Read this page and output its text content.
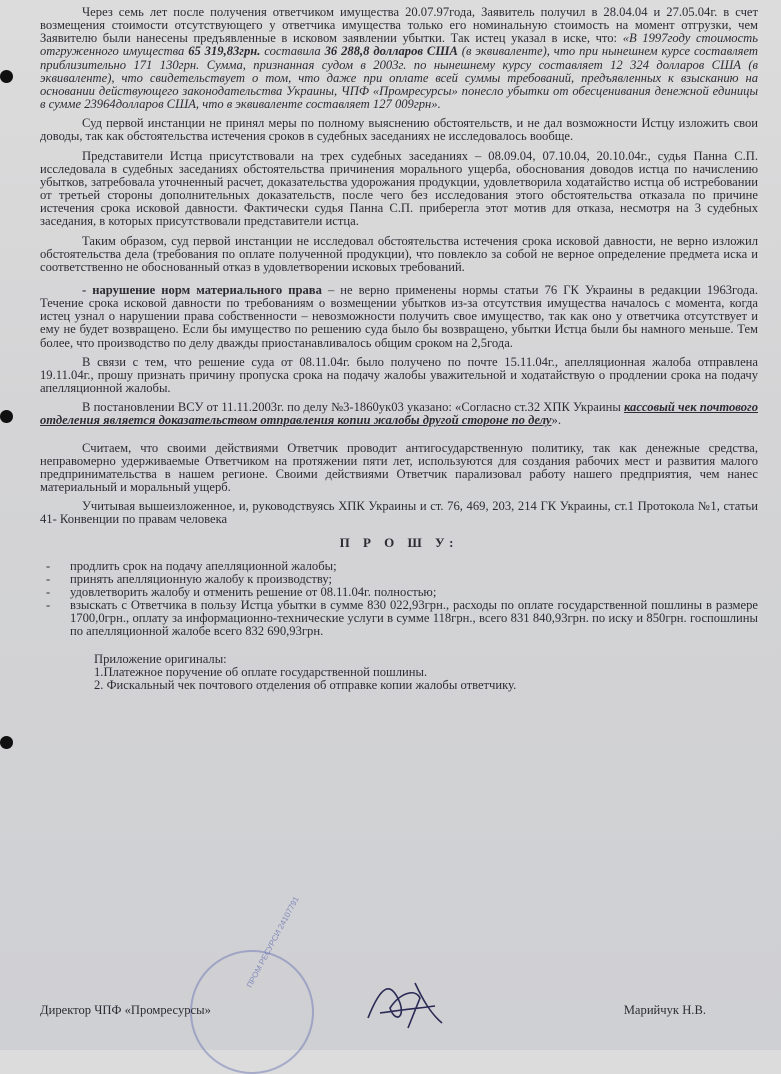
Через семь лет после получения ответчиком имущества 20.07.97года, Заявитель получил в 28.04.04 и 27.05.04г. в счет возмещения стоимости отсутствующего у ответчика имущества только его номинальную стоимость на момент отгрузки, чем Заявителю были нанесены предъявленные в исковом заявлении убытки. Так истец указал в иске, что: «В 1997году стоимость отгруженного имущества 65 319,83грн. составила 36 288,8 долларов США (в эквиваленте), что при нынешнем курсе составляет приблизительно 171 130грн. Сумма, признанная судом в 2003г. по нынешнему курсу составляет 12 324 долларов США (в эквиваленте), что свидетельствует о том, что даже при оплате всей суммы требований, предъявленных к взысканию на основании действующего законодательства Украины, ЧПФ «Промресурсы» понесло убытки от обесценивания денежной единицы в сумме 23964долларов США, что в эквиваленте составляет 127 009грн».

Суд первой инстанции не принял меры по полному выяснению обстоятельств, и не дал возможности Истцу изложить свои доводы, так как обстоятельства истечения сроков в судебных заседаниях не исследовалось вообще.

Представители Истца присутствовали на трех судебных заседаниях – 08.09.04, 07.10.04, 20.10.04г., судья Панна С.П. исследовала в судебных заседаниях обстоятельства причинения морального ущерба, обоснования доводов истца по начислению убытков, затребовала уточненный расчет, доказательства удорожания продукции, удовлетворила ходатайство истца об истребовании от третьей стороны дополнительных доказательств, после чего без исследования этого обстоятельства отказала по причине истечения срока исковой давности. Фактически судья Панна С.П. приберегла этот мотив для отказа, несмотря на 3 судебных заседания, в которых присутствовали представители истца.

Таким образом, суд первой инстанции не исследовал обстоятельства истечения срока исковой давности, не верно изложил обстоятельства дела (требования по оплате полученной продукции), что повлекло за собой не верное определение предмета иска и соответственно не обоснованный отказ в удовлетворении исковых требований.

- нарушение норм материального права – не верно применены нормы статьи 76 ГК Украины в редакции 1963года. Течение срока исковой давности по требованиям о возмещении убытков из-за отсутствия имущества началось с момента, когда истец узнал о нарушении права собственности – невозможности получить свое имущество, так как оно у ответчика отсутствует и ему не будет возвращено. Если бы имущество по решению суда было бы возвращено, убытки Истца были бы намного меньше. Тем более, что производство по делу дважды приостанавливалось общим сроком на 2,5года.

В связи с тем, что решение суда от 08.11.04г. было получено по почте 15.11.04г., апелляционная жалоба отправлена 19.11.04г., прошу признать причину пропуска срока на подачу жалобы уважительной и ходатайствую о продлении срока на подачу апелляционной жалобы.

В постановлении ВСУ от 11.11.2003г. по делу №3-1860ук03 указано: «Согласно ст.32 ХПК Украины кассовый чек почтового отделения является доказательством отправления копии жалобы другой стороне по делу».

Считаем, что своими действиями Ответчик проводит антигосударственную политику, так как денежные средства, неправомерно удерживаемые Ответчиком на протяжении пяти лет, используются для создания рабочих мест и развития малого предпринимательства в нашем регионе. Своими действиями Ответчик парализовал работу нашего предприятия, чем нанес материальный и моральный ущерб.

Учитывая вышеизложенное, и, руководствуясь ХПК Украины и ст. 76, 469, 203, 214 ГК Украины, ст.1 Протокола №1, статьи 41- Конвенции по правам человека

П Р О Ш У:
- продлить срок на подачу апелляционной жалобы;
- принять апелляционную жалобу к производству;
- удовлетворить жалобу и отменить решение от 08.11.04г. полностью;
- взыскать с Ответчика в пользу Истца убытки в сумме 830 022,93грн., расходы по оплате государственной пошлины в размере 1700,0грн., оплату за информационно-технические услуги в сумме 118грн., всего 831 840,93грн. по иску и 850грн. госпошлины по апелляционной жалобе всего 832 690,93грн.
Приложение оригиналы:
1.Платежное поручение об оплате государственной пошлины.
2. Фискальный чек почтового отделения об отправке копии жалобы ответчику.
ПРОМ РЕСУРСИ 24107791
Директор ЧПФ «Промресурсы»	Марийчук Н.В.
